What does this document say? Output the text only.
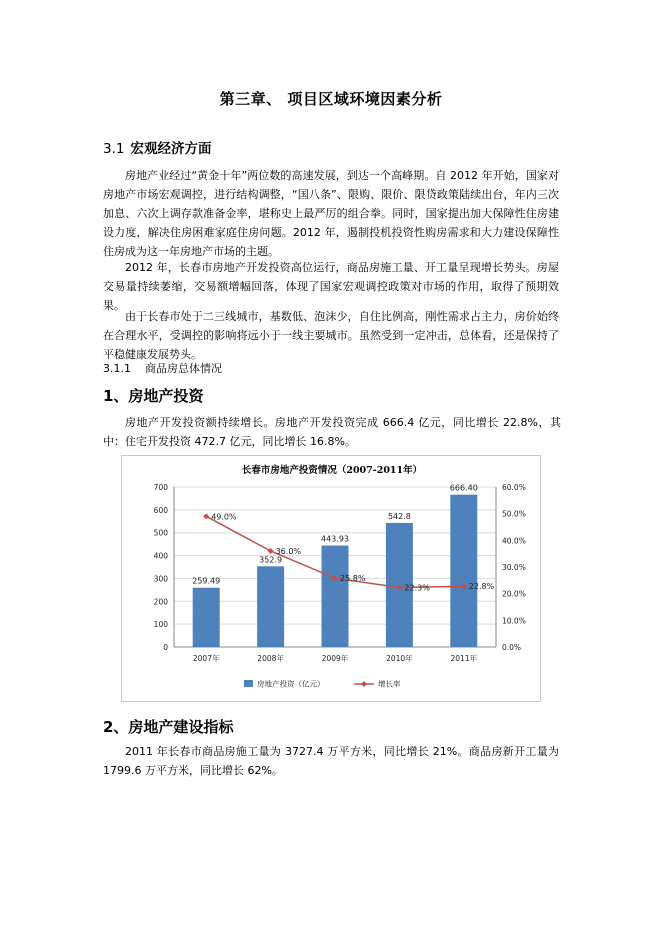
第三章、 项目区域环境因素分析
3.1 宏观经济方面

房地产业经过“黄金十年”两位数的高速发展，到达一个高峰期。自 2012 年开始，国家对房地产市场宏观调控，进行结构调整，“国八条”、限购、限价、限贷政策陆续出台，年内三次加息、六次上调存款准备金率，堪称史上最严厉的组合拳。同时，国家提出加大保障性住房建设力度，解决住房困难家庭住房问题。2012 年，遏制投机投资性购房需求和大力建设保障性住房成为这一年房地产市场的主题。

2012 年，长春市房地产开发投资高位运行，商品房施工量、开工量呈现增长势头。房屋交易量持续萎缩，交易额增幅回落，体现了国家宏观调控政策对市场的作用，取得了预期效果。

由于长春市处于二三线城市，基数低、泡沫少，自住比例高，刚性需求占主力，房价始终在合理水平，受调控的影响将远小于一线主要城市。虽然受到一定冲击，总体看，还是保持了平稳健康发展势头。

3.1.1 商品房总体情况
1、房地产投资

房地产开发投资额持续增长。房地产开发投资完成 666.4 亿元，同比增长 22.8%，其中：住宅开发投资 472.7 亿元，同比增长 16.8%。

长春市房地产投资情况（2007-2011年）
0
100
200
300
400
500
600
700
0.0%
10.0%
20.0%
30.0%
40.0%
50.0%
60.0%
259.49
352.9
443.93
542.8
666.40
2007年	2008年	2009年	2010年	2011年
49.0%
36.0%
25.8%
22.3%	22.8%
房地产投资（亿元）	增长率
2、房地产建设指标

2011 年长春市商品房施工量为 3727.4 万平方米，同比增长 21%。商品房新开工量为 1799.6 万平方米，同比增长 62%。
